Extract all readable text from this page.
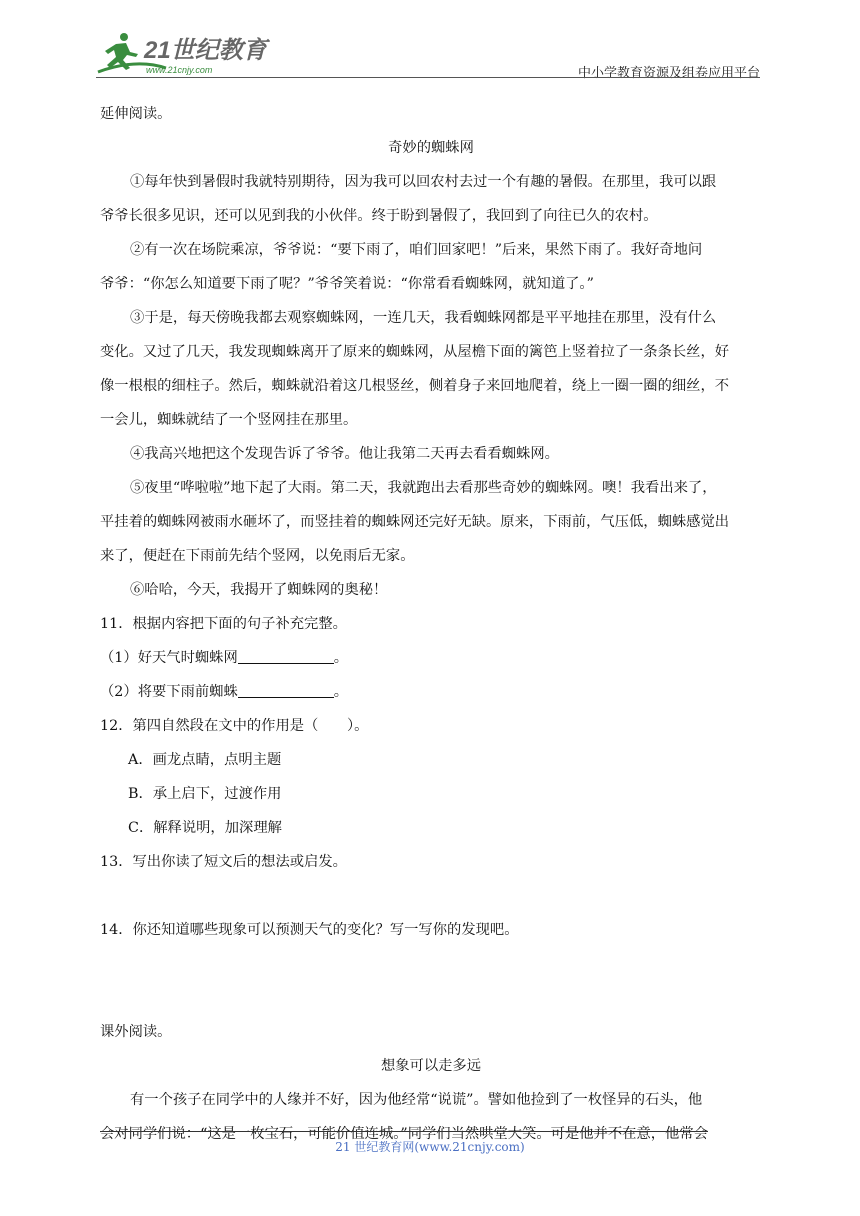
21世纪教育
www.21cnjy.com	中小学教育资源及组卷应用平台
延伸阅读。
奇妙的蜘蛛网
①每年快到暑假时我就特别期待，因为我可以回农村去过一个有趣的暑假。在那里，我可以跟
爷爷长很多见识，还可以见到我的小伙伴。终于盼到暑假了，我回到了向往已久的农村。
②有一次在场院乘凉，爷爷说：“要下雨了，咱们回家吧！”后来，果然下雨了。我好奇地问
爷爷：“你怎么知道要下雨了呢？”爷爷笑着说：“你常看看蜘蛛网，就知道了。”
③于是，每天傍晚我都去观察蜘蛛网，一连几天，我看蜘蛛网都是平平地挂在那里，没有什么
变化。又过了几天，我发现蜘蛛离开了原来的蜘蛛网，从屋檐下面的篱笆上竖着拉了一条条长丝，好
像一根根的细柱子。然后，蜘蛛就沿着这几根竖丝，侧着身子来回地爬着，绕上一圈一圈的细丝，不
一会儿，蜘蛛就结了一个竖网挂在那里。
④我高兴地把这个发现告诉了爷爷。他让我第二天再去看看蜘蛛网。
⑤夜里“哗啦啦”地下起了大雨。第二天，我就跑出去看那些奇妙的蜘蛛网。噢！我看出来了，
平挂着的蜘蛛网被雨水砸坏了，而竖挂着的蜘蛛网还完好无缺。原来，下雨前，气压低，蜘蛛感觉出
来了，便赶在下雨前先结个竖网，以免雨后无家。
⑥哈哈，今天，我揭开了蜘蛛网的奥秘！
11．根据内容把下面的句子补充完整。
（1）好天气时蜘蛛网	。
（2）将要下雨前蜘蛛	。
12．第四自然段在文中的作用是（　　）。
A．画龙点睛，点明主题
B．承上启下，过渡作用
C．解释说明，加深理解
13．写出你读了短文后的想法或启发。
14．你还知道哪些现象可以预测天气的变化？写一写你的发现吧。
课外阅读。
想象可以走多远
有一个孩子在同学中的人缘并不好，因为他经常“说谎”。譬如他捡到了一枚怪异的石头，他
会对同学们说：“这是一枚宝石，可能价值连城。”同学们当然哄堂大笑。可是他并不在意，他常会
21 世纪教育网(www.21cnjy.com)
